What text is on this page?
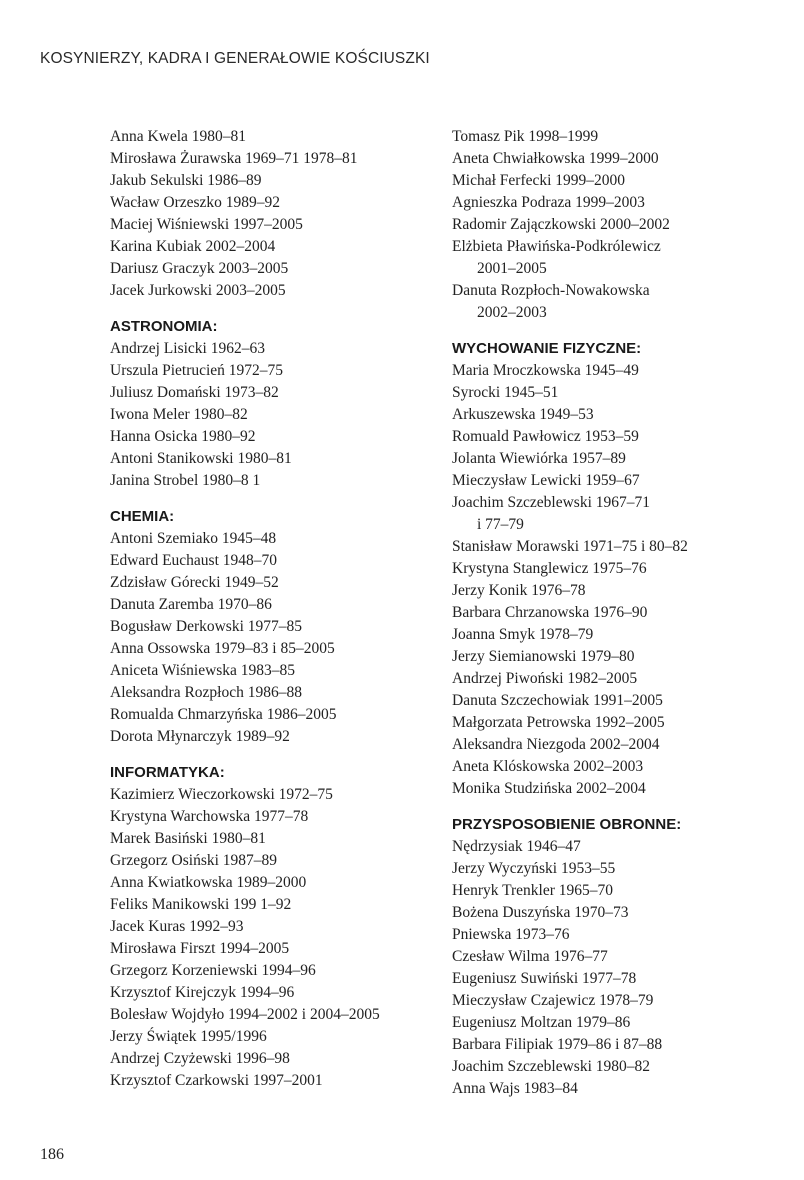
KOSYNIERZY, KADRA I GENERAŁOWIE KOŚCIUSZKI
Anna Kwela 1980–81
Mirosława Żurawska 1969–71 1978–81
Jakub Sekulski 1986–89
Wacław Orzeszko 1989–92
Maciej Wiśniewski 1997–2005
Karina Kubiak 2002–2004
Dariusz Graczyk 2003–2005
Jacek Jurkowski 2003–2005
ASTRONOMIA:
Andrzej Lisicki 1962–63
Urszula Pietrucień 1972–75
Juliusz Domański 1973–82
Iwona Meler 1980–82
Hanna Osicka 1980–92
Antoni Stanikowski 1980–81
Janina Strobel 1980–8 1
CHEMIA:
Antoni Szemiako 1945–48
Edward Euchaust 1948–70
Zdzisław Górecki 1949–52
Danuta Zaremba 1970–86
Bogusław Derkowski 1977–85
Anna Ossowska 1979–83 i 85–2005
Aniceta Wiśniewska 1983–85
Aleksandra Rozpłoch 1986–88
Romualda Chmarzyńska 1986–2005
Dorota Młynarczyk 1989–92
INFORMATYKA:
Kazimierz Wieczorkowski 1972–75
Krystyna Warchowska 1977–78
Marek Basiński 1980–81
Grzegorz Osiński 1987–89
Anna Kwiatkowska 1989–2000
Feliks Manikowski 199 1–92
Jacek Kuras 1992–93
Mirosława Firszt 1994–2005
Grzegorz Korzeniewski 1994–96
Krzysztof Kirejczyk 1994–96
Bolesław Wojdyło 1994–2002 i 2004–2005
Jerzy Świątek 1995/1996
Andrzej Czyżewski 1996–98
Krzysztof Czarkowski 1997–2001
Tomasz Pik 1998–1999
Aneta Chwiałkowska 1999–2000
Michał Ferfecki 1999–2000
Agnieszka Podraza 1999–2003
Radomir Zajączkowski 2000–2002
Elżbieta Pławińska-Podkrólewicz
2001–2005
Danuta Rozpłoch-Nowakowska
2002–2003
WYCHOWANIE FIZYCZNE:
Maria Mroczkowska 1945–49
Syrocki 1945–51
Arkuszewska 1949–53
Romuald Pawłowicz 1953–59
Jolanta Wiewiórka 1957–89
Mieczysław Lewicki 1959–67
Joachim Szczeblewski 1967–71
i 77–79
Stanisław Morawski 1971–75 i 80–82
Krystyna Stanglewicz 1975–76
Jerzy Konik 1976–78
Barbara Chrzanowska 1976–90
Joanna Smyk 1978–79
Jerzy Siemianowski 1979–80
Andrzej Piwoński 1982–2005
Danuta Szczechowiak 1991–2005
Małgorzata Petrowska 1992–2005
Aleksandra Niezgoda 2002–2004
Aneta Klóskowska 2002–2003
Monika Studzińska 2002–2004
PRZYSPOSOBIENIE OBRONNE:
Nędrzysiak 1946–47
Jerzy Wyczyński 1953–55
Henryk Trenkler 1965–70
Bożena Duszyńska 1970–73
Pniewska 1973–76
Czesław Wilma 1976–77
Eugeniusz Suwiński 1977–78
Mieczysław Czajewicz 1978–79
Eugeniusz Moltzan 1979–86
Barbara Filipiak 1979–86 i 87–88
Joachim Szczeblewski 1980–82
Anna Wajs 1983–84
186
